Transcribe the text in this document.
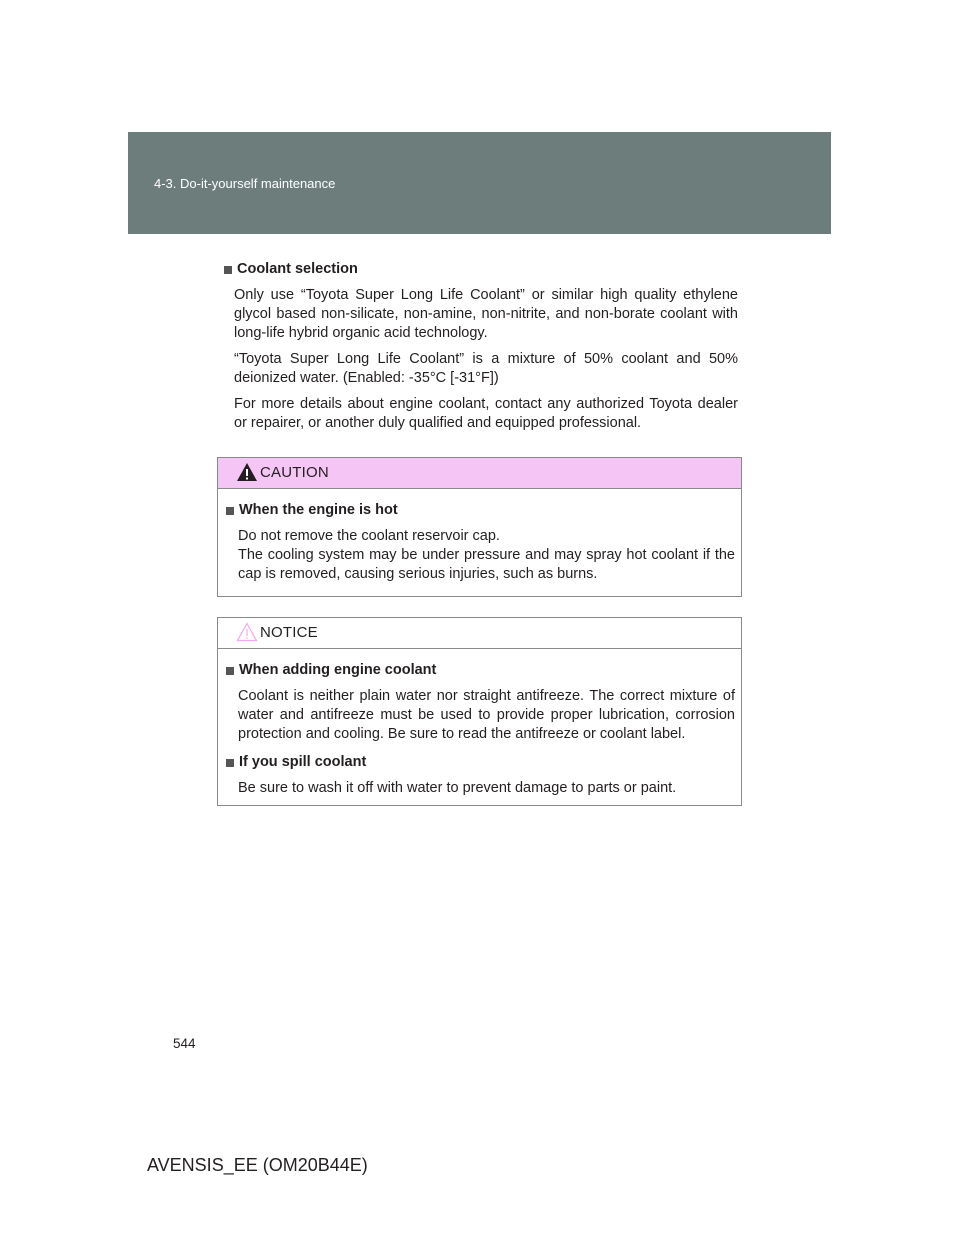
4-3. Do-it-yourself maintenance
Coolant selection

Only use “Toyota Super Long Life Coolant” or similar high quality ethylene glycol based non-silicate, non-amine, non-nitrite, and non-borate coolant with long-life hybrid organic acid technology.

“Toyota Super Long Life Coolant” is a mixture of 50% coolant and 50% deionized water. (Enabled: -35°C [-31°F])

For more details about engine coolant, contact any authorized Toyota dealer or repairer, or another duly qualified and equipped professional.

CAUTION
When the engine is hot

Do not remove the coolant reservoir cap.
The cooling system may be under pressure and may spray hot coolant if the cap is removed, causing serious injuries, such as burns.

NOTICE
When adding engine coolant

Coolant is neither plain water nor straight antifreeze. The correct mixture of water and antifreeze must be used to provide proper lubrication, corrosion protection and cooling. Be sure to read the antifreeze or coolant label.

If you spill coolant

Be sure to wash it off with water to prevent damage to parts or paint.

544
AVENSIS_EE (OM20B44E)
